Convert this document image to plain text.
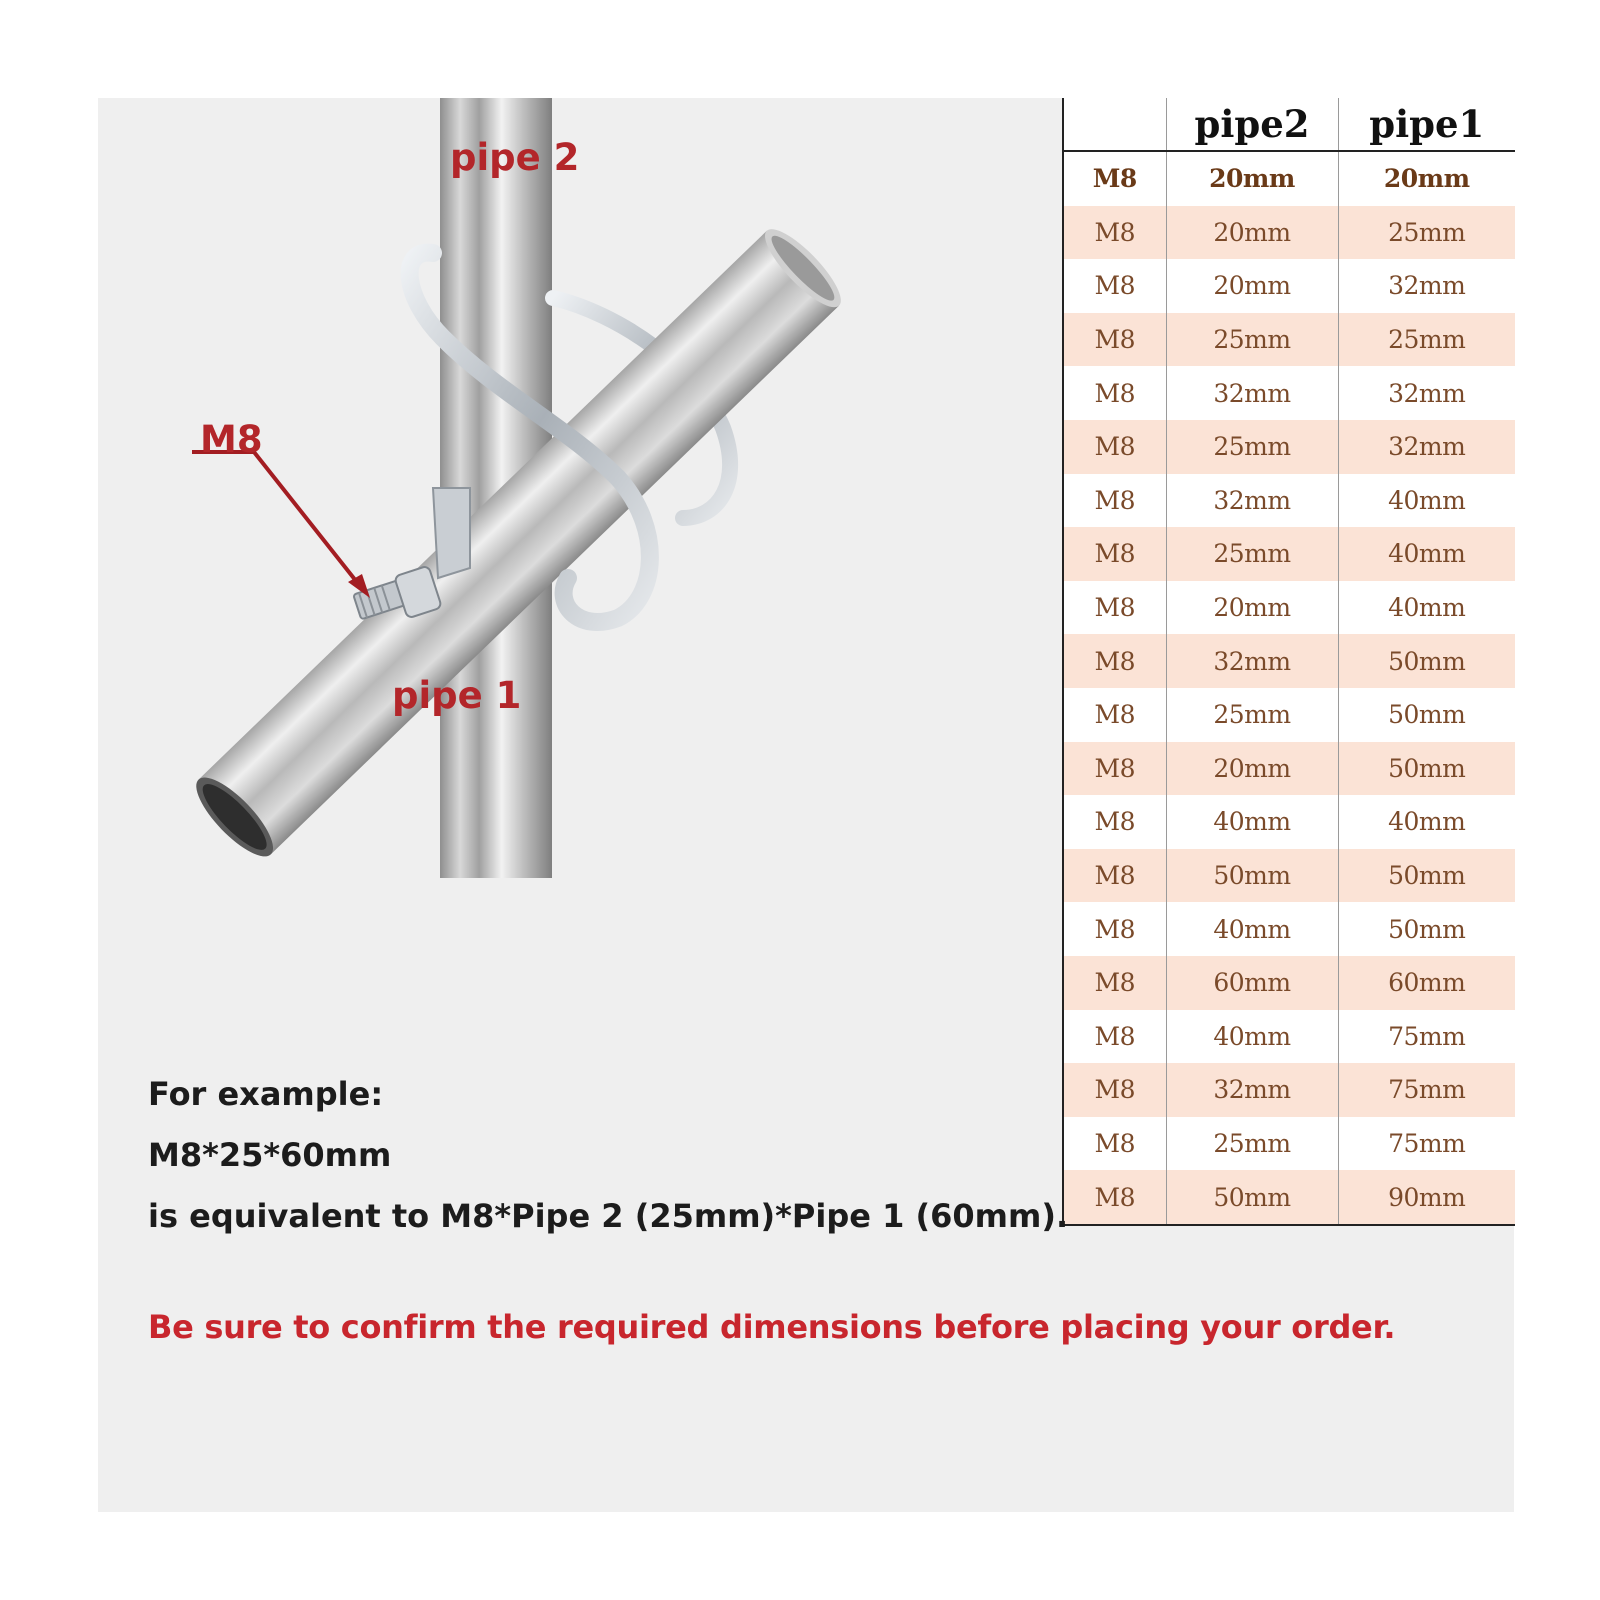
pipe 2
pipe 1
M8
	pipe2	pipe1
M8	20mm	20mm
M8	20mm	25mm
M8	20mm	32mm
M8	25mm	25mm
M8	32mm	32mm
M8	25mm	32mm
M8	32mm	40mm
M8	25mm	40mm
M8	20mm	40mm
M8	32mm	50mm
M8	25mm	50mm
M8	20mm	50mm
M8	40mm	40mm
M8	50mm	50mm
M8	40mm	50mm
M8	60mm	60mm
M8	40mm	75mm
M8	32mm	75mm
M8	25mm	75mm
M8	50mm	90mm
For example:
M8*25*60mm
is equivalent to M8*Pipe 2 (25mm)*Pipe 1 (60mm).
Be sure to confirm the required dimensions before placing your order.
